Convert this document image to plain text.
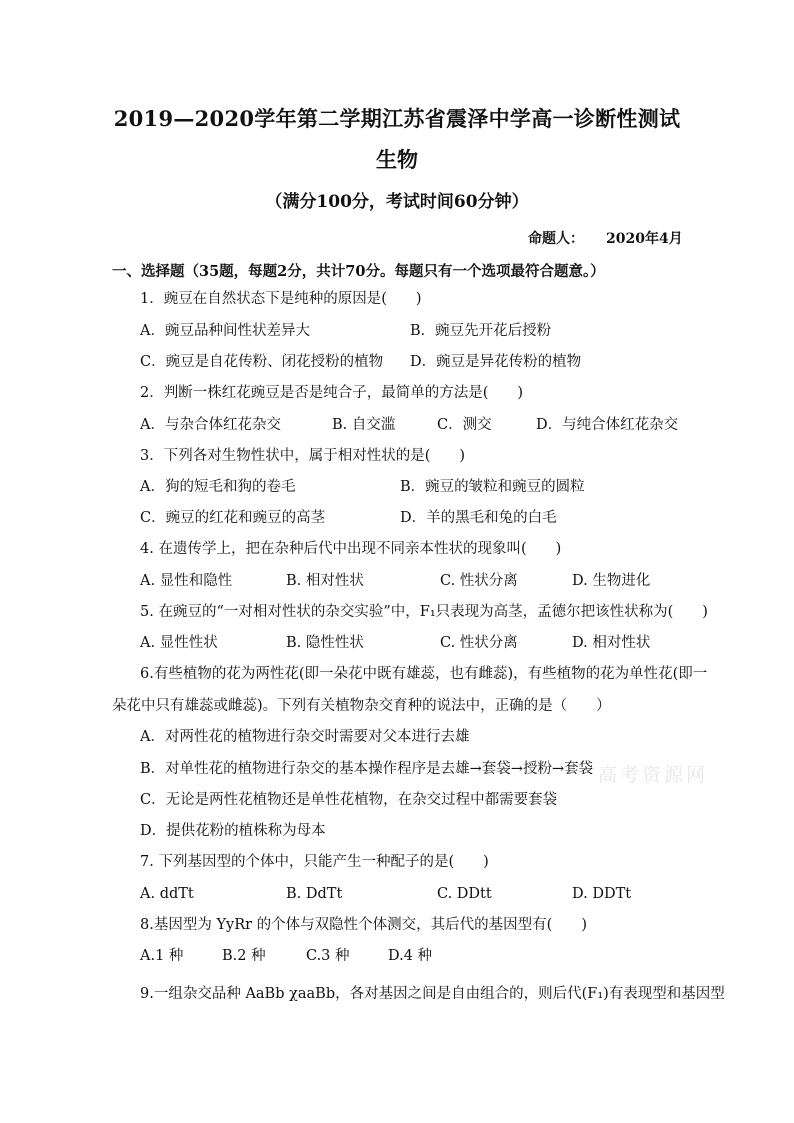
2019—2020学年第二学期江苏省震泽中学高一诊断性测试
生物
（满分100分，考试时间60分钟）
命题人： 2020年4月
一、选择题（35题，每题2分，共计70分。每题只有一个选项最符合题意。）
1．豌豆在自然状态下是纯种的原因是(　　)
A．豌豆品种间性状差异大	B．豌豆先开花后授粉
C．豌豆是自花传粉、闭花授粉的植物 D．豌豆是异花传粉的植物
2．判断一株红花豌豆是否是纯合子，最简单的方法是(　　)
A．与杂合体红花杂交	B. 自交滥	C．测交	D．与纯合体红花杂交
3．下列各对生物性状中，属于相对性状的是(　　)
A．狗的短毛和狗的卷毛	B．豌豆的皱粒和豌豆的圆粒
C．豌豆的红花和豌豆的高茎	D．羊的黑毛和兔的白毛
4. 在遗传学上，把在杂种后代中出现不同亲本性状的现象叫(　　)
A. 显性和隐性	B. 相对性状	C. 性状分离	D. 生物进化
5. 在豌豆的“一对相对性状的杂交实验”中，F₁只表现为高茎，孟德尔把该性状称为(　　)
A. 显性性状	B. 隐性性状	C. 性状分离	D. 相对性状
6.有些植物的花为两性花(即一朵花中既有雄蕊，也有雌蕊)，有些植物的花为单性花(即一
朵花中只有雄蕊或雌蕊)。下列有关植物杂交育种的说法中，正确的是（　　）
A．对两性花的植物进行杂交时需要对父本进行去雄
B．对单性花的植物进行杂交的基本操作程序是去雄→套袋→授粉→套袋
C．无论是两性花植物还是单性花植物，在杂交过程中都需要套袋
D．提供花粉的植株称为母本
7. 下列基因型的个体中，只能产生一种配子的是(　　)
A. ddTt	B. DdTt	C. DDtt	D. DDTt
8.基因型为 YyRr 的个体与双隐性个体测交，其后代的基因型有(　　)
A.1 种	B.2 种	C.3 种	D.4 种
9.一组杂交品种 AaBb χaaBb，各对基因之间是自由组合的，则后代(F₁)有表现型和基因型
高考资源网
